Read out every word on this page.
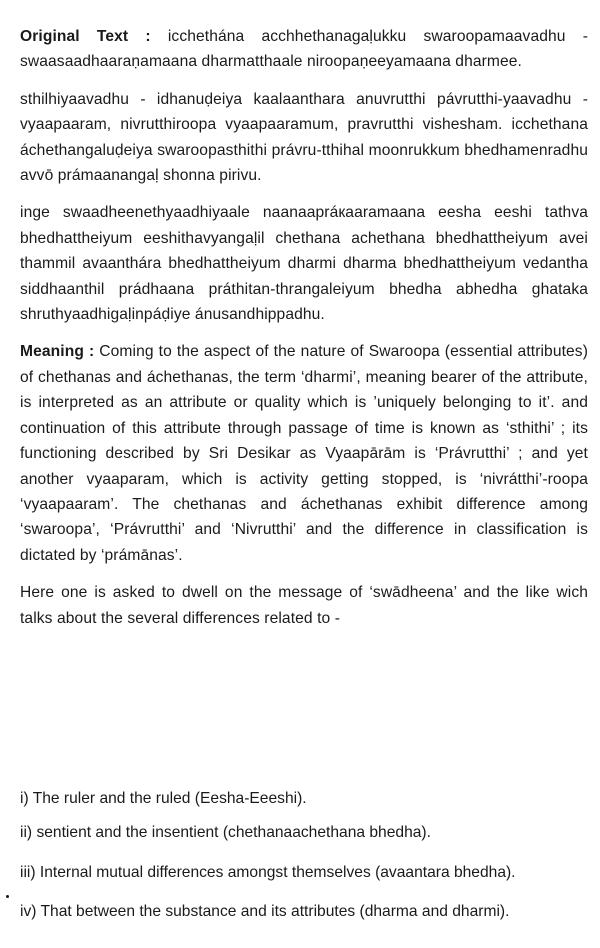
Original Text : icchethána acchhethanagaḷukku swaroopamaavadhu - swaasaadhaaraṇamaana dharmatthaale niroopaṇeeyamaana dharmee.

sthilhiyaavadhu - idhanuḍeiya kaalaanthara anuvrutthi pávrutthi-yaavadhu - vyaapaaram, nivrutthiroopa vyaapaaramum, pravrutthi vishesham. icchethana áchethangaluḍeiya swaroopasthithi právru-tthihal moonrukkum bhedhamenradhu avvō prámaanangaḷ shonna pirivu.

inge swaadheenethyaadhiyaale naanaapráкaaramaana eesha eeshi tathva bhedhattheiyum eeshithavyangaḷil chethana achethana bhedhattheiyum avei thammil avaanthára bhedhattheiyum dharmi dharma bhedhattheiyum vedantha siddhaanthil prádhaana práthitan-thrangaleiyum bhedha abhedha ghataka shruthyaadhigaḷinpáḍiye ánusandhippadhu.

Meaning : Coming to the aspect of the nature of Swaroopa (essential attributes) of chethanas and áchethanas, the term ‘dharmi’, meaning bearer of the attribute, is interpreted as an attribute or quality which is ’uniquely belonging to it’. and continuation of this attribute through passage of time is known as ‘sthithi’ ; its functioning described by Sri Desikar as Vyaapārām is ‘Právrutthi’ ; and yet another vyaaparam, which is activity getting stopped, is ‘nivrátthi’-roopa ‘vyaapaaram’. The chethanas and áchethanas exhibit difference among ‘swaroopa’, ‘Právrutthi’ and ‘Nivrutthi’ and the difference in classification is dictated by ‘prámānas’.

Here one is asked to dwell on the message of ‘swādheena’ and the like wich talks about the several differences related to -

i) The ruler and the ruled (Eesha-Eeeshi).

ii) sentient and the insentient (chethanaachethana bhedha).

iii) Internal mutual differences amongst themselves (avaantara bhedha).

iv) That between the substance and its attributes (dharma and dharmi).
